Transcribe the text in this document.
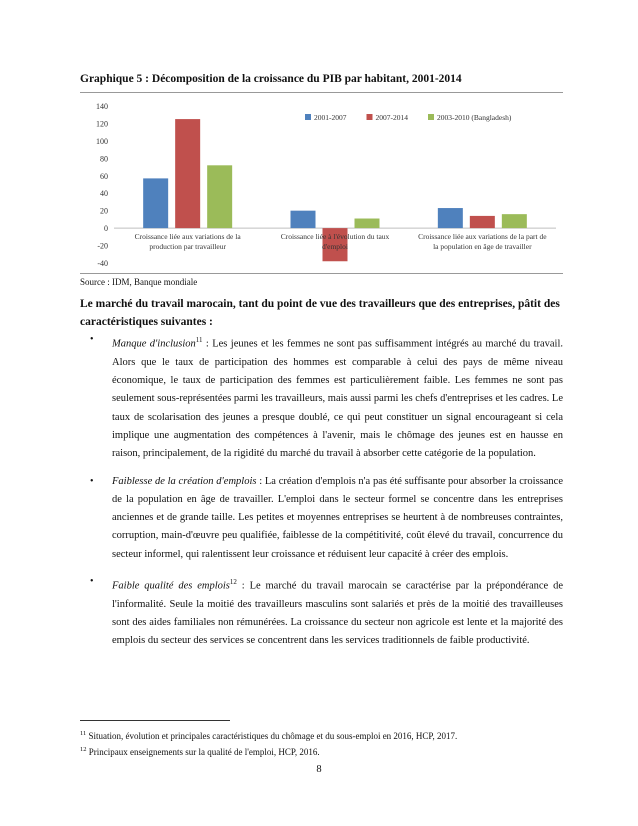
Graphique 5 : Décomposition de la croissance du PIB par habitant, 2001-2014
-40
-20
0
20
40
60
80
100
120
140
Croissance liée aux variations de la
production par travailleur
Croissance liée à l'évolution du taux
d'emploi
Croissance liée aux variations de la part de
la population en âge de travailler
2001-2007	2007-2014	2003-2010 (Bangladesh)
Source : IDM, Banque mondiale
Le marché du travail marocain, tant du point de vue des travailleurs que des entreprises, pâtit des caractéristiques suivantes :
• Manque d'inclusion$^{11}$ : Les jeunes et les femmes ne sont pas suffisamment intégrés au marché du travail. Alors que le taux de participation des hommes est comparable à celui des pays de même niveau économique, le taux de participation des femmes est particulièrement faible. Les femmes ne sont pas seulement sous-représentées parmi les travailleurs, mais aussi parmi les chefs d'entreprises et les cadres. Le taux de scolarisation des jeunes a presque doublé, ce qui peut constituer un signal encourageant si cela implique une augmentation des compétences à l'avenir, mais le chômage des jeunes est en hausse en raison, principalement, de la rigidité du marché du travail à absorber cette catégorie de la population.
• Faiblesse de la création d'emplois : La création d'emplois n'a pas été suffisante pour absorber la croissance de la population en âge de travailler. L'emploi dans le secteur formel se concentre dans les entreprises anciennes et de grande taille. Les petites et moyennes entreprises se heurtent à de nombreuses contraintes, corruption, main-d'œuvre peu qualifiée, faiblesse de la compétitivité, coût élevé du travail, concurrence du secteur informel, qui ralentissent leur croissance et réduisent leur capacité à créer des emplois.
• Faible qualité des emplois$^{12}$ : Le marché du travail marocain se caractérise par la prépondérance de l'informalité. Seule la moitié des travailleurs masculins sont salariés et près de la moitié des travailleuses sont des aides familiales non rémunérées. La croissance du secteur non agricole est lente et la majorité des emplois du secteur des services se concentrent dans les services traditionnels de faible productivité.
$^{11}$ Situation, évolution et principales caractéristiques du chômage et du sous-emploi en 2016, HCP, 2017.
$^{12}$ Principaux enseignements sur la qualité de l'emploi, HCP, 2016.
8
